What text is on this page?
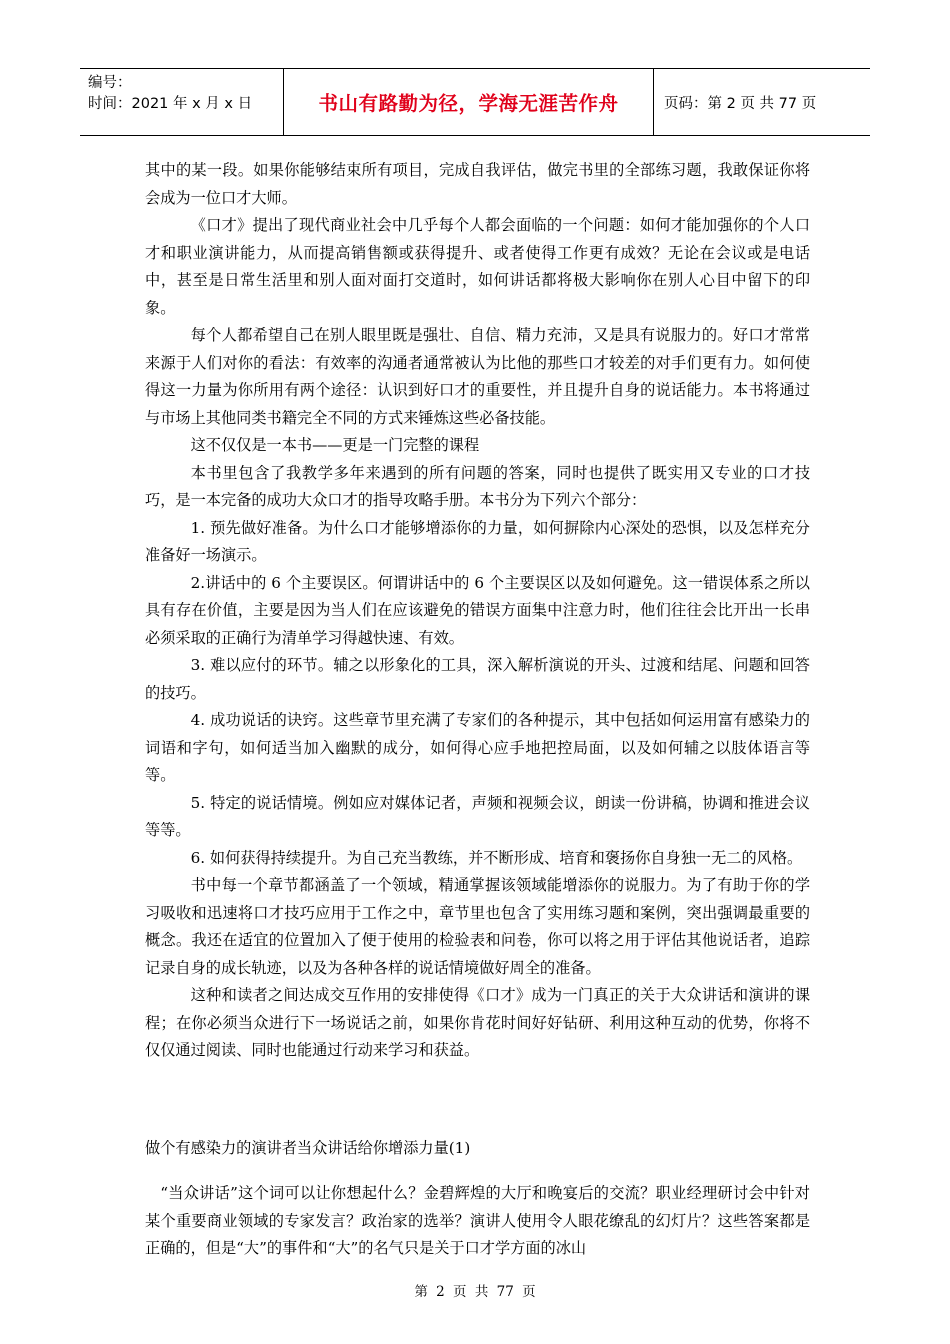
编号：
时间：2021 年 x 月 x 日	书山有路勤为径，学海无涯苦作舟	页码：第 2 页 共 77 页

其中的某一段。如果你能够结束所有项目，完成自我评估，做完书里的全部练习题，我敢保证你将会成为一位口才大师。

《口才》提出了现代商业社会中几乎每个人都会面临的一个问题：如何才能加强你的个人口才和职业演讲能力，从而提高销售额或获得提升、或者使得工作更有成效？无论在会议或是电话中，甚至是日常生活里和别人面对面打交道时，如何讲话都将极大影响你在别人心目中留下的印象。

每个人都希望自己在别人眼里既是强壮、自信、精力充沛，又是具有说服力的。好口才常常来源于人们对你的看法：有效率的沟通者通常被认为比他的那些口才较差的对手们更有力。如何使得这一力量为你所用有两个途径：认识到好口才的重要性，并且提升自身的说话能力。本书将通过与市场上其他同类书籍完全不同的方式来锤炼这些必备技能。

这不仅仅是一本书——更是一门完整的课程

本书里包含了我教学多年来遇到的所有问题的答案，同时也提供了既实用又专业的口才技巧，是一本完备的成功大众口才的指导攻略手册。本书分为下列六个部分：

1. 预先做好准备。为什么口才能够增添你的力量，如何摒除内心深处的恐惧，以及怎样充分准备好一场演示。

2.讲话中的 6 个主要误区。何谓讲话中的 6 个主要误区以及如何避免。这一错误体系之所以具有存在价值，主要是因为当人们在应该避免的错误方面集中注意力时，他们往往会比开出一长串必须采取的正确行为清单学习得越快速、有效。

3. 难以应付的环节。辅之以形象化的工具，深入解析演说的开头、过渡和结尾、问题和回答的技巧。

4. 成功说话的诀窍。这些章节里充满了专家们的各种提示，其中包括如何运用富有感染力的词语和字句，如何适当加入幽默的成分，如何得心应手地把控局面，以及如何辅之以肢体语言等等。

5. 特定的说话情境。例如应对媒体记者，声频和视频会议，朗读一份讲稿，协调和推进会议等等。

6. 如何获得持续提升。为自己充当教练，并不断形成、培育和褒扬你自身独一无二的风格。

书中每一个章节都涵盖了一个领域，精通掌握该领域能增添你的说服力。为了有助于你的学习吸收和迅速将口才技巧应用于工作之中，章节里也包含了实用练习题和案例，突出强调最重要的概念。我还在适宜的位置加入了便于使用的检验表和问卷，你可以将之用于评估其他说话者，追踪记录自身的成长轨迹，以及为各种各样的说话情境做好周全的准备。

这种和读者之间达成交互作用的安排使得《口才》成为一门真正的关于大众讲话和演讲的课程；在你必须当众进行下一场说话之前，如果你肯花时间好好钻研、利用这种互动的优势，你将不仅仅通过阅读、同时也能通过行动来学习和获益。

做个有感染力的演讲者当众讲话给你增添力量(1)

“当众讲话”这个词可以让你想起什么？金碧辉煌的大厅和晚宴后的交流？职业经理研讨会中针对某个重要商业领域的专家发言？政治家的选举？演讲人使用令人眼花缭乱的幻灯片？这些答案都是正确的，但是“大”的事件和“大”的名气只是关于口才学方面的冰山

第 2 页 共 77 页
